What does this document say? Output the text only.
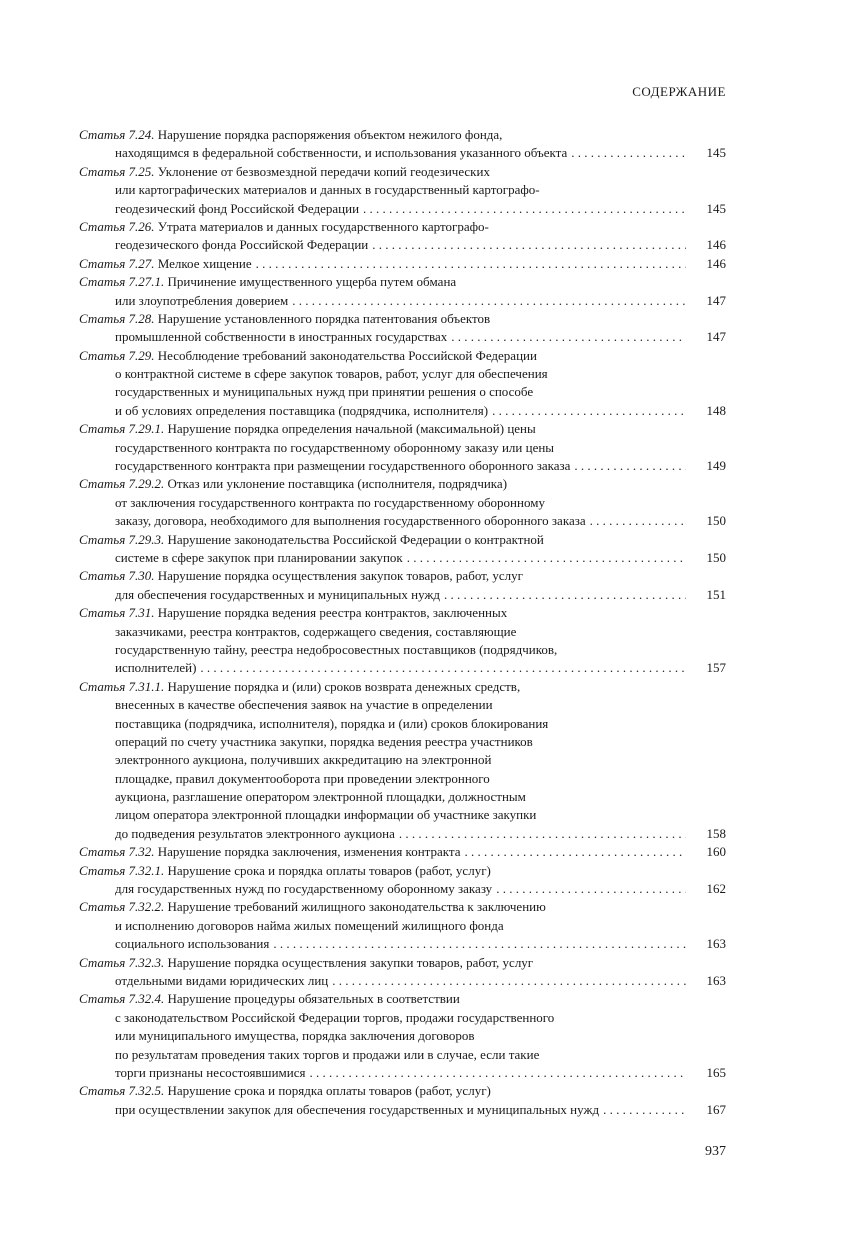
СОДЕРЖАНИЕ
Статья 7.24. Нарушение порядка распоряжения объектом нежилого фонда,
находящимся в федеральной собственности, и использования указанного объекта . . .	145
Статья 7.25. Уклонение от безвозмездной передачи копий геодезических
или картографических материалов и данных в государственный картографо-
геодезический фонд Российской Федерации . . .	145
Статья 7.26. Утрата материалов и данных государственного картографо-
геодезического фонда Российской Федерации . . .	146
Статья 7.27. Мелкое хищение . . .	146
Статья 7.27.1. Причинение имущественного ущерба путем обмана
или злоупотребления доверием . . .	147
Статья 7.28. Нарушение установленного порядка патентования объектов
промышленной собственности в иностранных государствах . . .	147
Статья 7.29. Несоблюдение требований законодательства Российской Федерации
о контрактной системе в сфере закупок товаров, работ, услуг для обеспечения
государственных и муниципальных нужд при принятии решения о способе
и об условиях определения поставщика (подрядчика, исполнителя) . . .	148
Статья 7.29.1. Нарушение порядка определения начальной (максимальной) цены
государственного контракта по государственному оборонному заказу или цены
государственного контракта при размещении государственного оборонного заказа . . .	149
Статья 7.29.2. Отказ или уклонение поставщика (исполнителя, подрядчика)
от заключения государственного контракта по государственному оборонному
заказу, договора, необходимого для выполнения государственного оборонного заказа . . .	150
Статья 7.29.3. Нарушение законодательства Российской Федерации о контрактной
системе в сфере закупок при планировании закупок . . .	150
Статья 7.30. Нарушение порядка осуществления закупок товаров, работ, услуг
для обеспечения государственных и муниципальных нужд . . .	151
Статья 7.31. Нарушение порядка ведения реестра контрактов, заключенных
заказчиками, реестра контрактов, содержащего сведения, составляющие
государственную тайну, реестра недобросовестных поставщиков (подрядчиков,
исполнителей) . . .	157
Статья 7.31.1. Нарушение порядка и (или) сроков возврата денежных средств,
внесенных в качестве обеспечения заявок на участие в определении
поставщика (подрядчика, исполнителя), порядка и (или) сроков блокирования
операций по счету участника закупки, порядка ведения реестра участников
электронного аукциона, получивших аккредитацию на электронной
площадке, правил документооборота при проведении электронного
аукциона, разглашение оператором электронной площадки, должностным
лицом оператора электронной площадки информации об участнике закупки
до подведения результатов электронного аукциона . . .	158
Статья 7.32. Нарушение порядка заключения, изменения контракта . . .	160
Статья 7.32.1. Нарушение срока и порядка оплаты товаров (работ, услуг)
для государственных нужд по государственному оборонному заказу . . .	162
Статья 7.32.2. Нарушение требований жилищного законодательства к заключению
и исполнению договоров найма жилых помещений жилищного фонда
социального использования . . .	163
Статья 7.32.3. Нарушение порядка осуществления закупки товаров, работ, услуг
отдельными видами юридических лиц . . .	163
Статья 7.32.4. Нарушение процедуры обязательных в соответствии
с законодательством Российской Федерации торгов, продажи государственного
или муниципального имущества, порядка заключения договоров
по результатам проведения таких торгов и продажи или в случае, если такие
торги признаны несостоявшимися . . .	165
Статья 7.32.5. Нарушение срока и порядка оплаты товаров (работ, услуг)
при осуществлении закупок для обеспечения государственных и муниципальных нужд . . .	167
937
